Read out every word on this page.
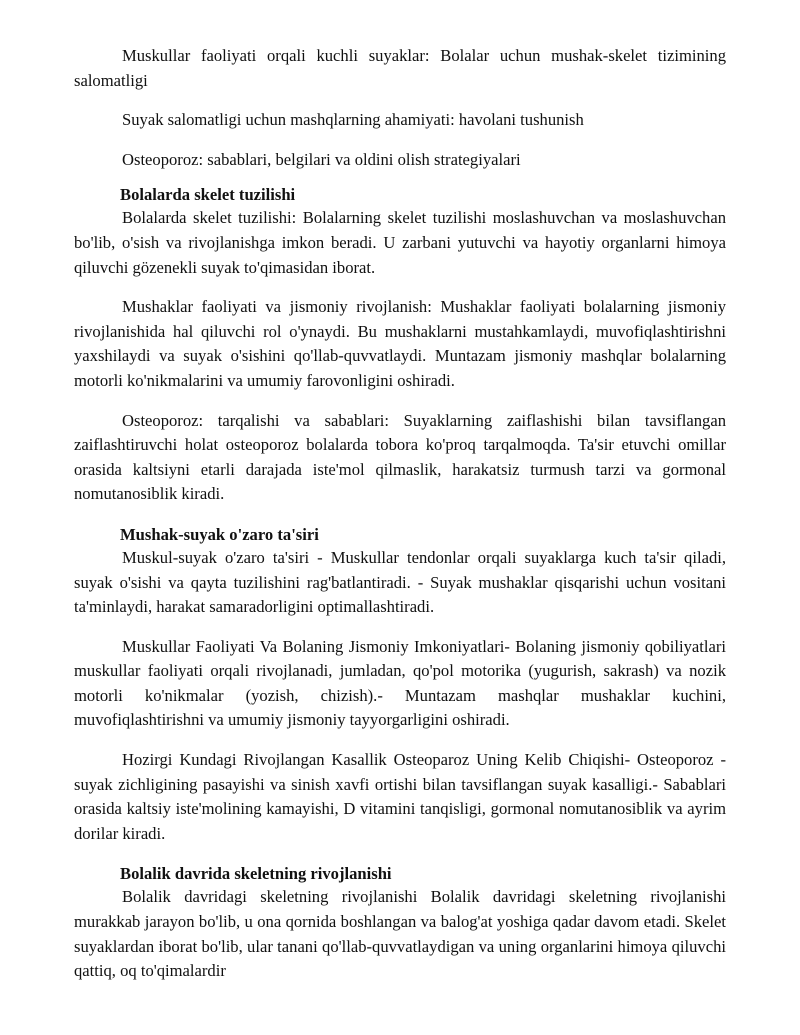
Muskullar faoliyati orqali kuchli suyaklar: Bolalar uchun mushak-skelet tizimining salomatligi

Suyak salomatligi uchun mashqlarning ahamiyati: havolani tushunish

Osteoporoz: sabablari, belgilari va oldini olish strategiyalari

Bolalarda skelet tuzilishi

Bolalarda skelet tuzilishi: Bolalarning skelet tuzilishi moslashuvchan va moslashuvchan bo'lib, o'sish va rivojlanishga imkon beradi. U zarbani yutuvchi va hayotiy organlarni himoya qiluvchi gözenekli suyak to'qimasidan iborat.

Mushaklar faoliyati va jismoniy rivojlanish: Mushaklar faoliyati bolalarning jismoniy rivojlanishida hal qiluvchi rol o'ynaydi. Bu mushaklarni mustahkamlaydi, muvofiqlashtirishni yaxshilaydi va suyak o'sishini qo'llab-quvvatlaydi. Muntazam jismoniy mashqlar bolalarning motorli ko'nikmalarini va umumiy farovonligini oshiradi.

Osteoporoz: tarqalishi va sabablari: Suyaklarning zaiflashishi bilan tavsiflangan zaiflashtiruvchi holat osteoporoz bolalarda tobora ko'proq tarqalmoqda. Ta'sir etuvchi omillar orasida kaltsiyni etarli darajada iste'mol qilmaslik, harakatsiz turmush tarzi va gormonal nomutanosiblik kiradi.

Mushak-suyak o'zaro ta'siri

Muskul-suyak o'zaro ta'siri - Muskullar tendonlar orqali suyaklarga kuch ta'sir qiladi, suyak o'sishi va qayta tuzilishini rag'batlantiradi. - Suyak mushaklar qisqarishi uchun vositani ta'minlaydi, harakat samaradorligini optimallashtiradi.

Muskullar Faoliyati Va Bolaning Jismoniy Imkoniyatlari- Bolaning jismoniy qobiliyatlari muskullar faoliyati orqali rivojlanadi, jumladan, qo'pol motorika (yugurish, sakrash) va nozik motorli ko'nikmalar (yozish, chizish).- Muntazam mashqlar mushaklar kuchini, muvofiqlashtirishni va umumiy jismoniy tayyorgarligini oshiradi.

Hozirgi Kundagi Rivojlangan Kasallik Osteoparoz Uning Kelib Chiqishi- Osteoporoz - suyak zichligining pasayishi va sinish xavfi ortishi bilan tavsiflangan suyak kasalligi.- Sabablari orasida kaltsiy iste'molining kamayishi, D vitamini tanqisligi, gormonal nomutanosiblik va ayrim dorilar kiradi.

Bolalik davrida skeletning rivojlanishi

Bolalik davridagi skeletning rivojlanishi Bolalik davridagi skeletning rivojlanishi murakkab jarayon bo'lib, u ona qornida boshlangan va balog'at yoshiga qadar davom etadi. Skelet suyaklardan iborat bo'lib, ular tanani qo'llab-quvvatlaydigan va uning organlarini himoya qiluvchi qattiq, oq to'qimalardir
